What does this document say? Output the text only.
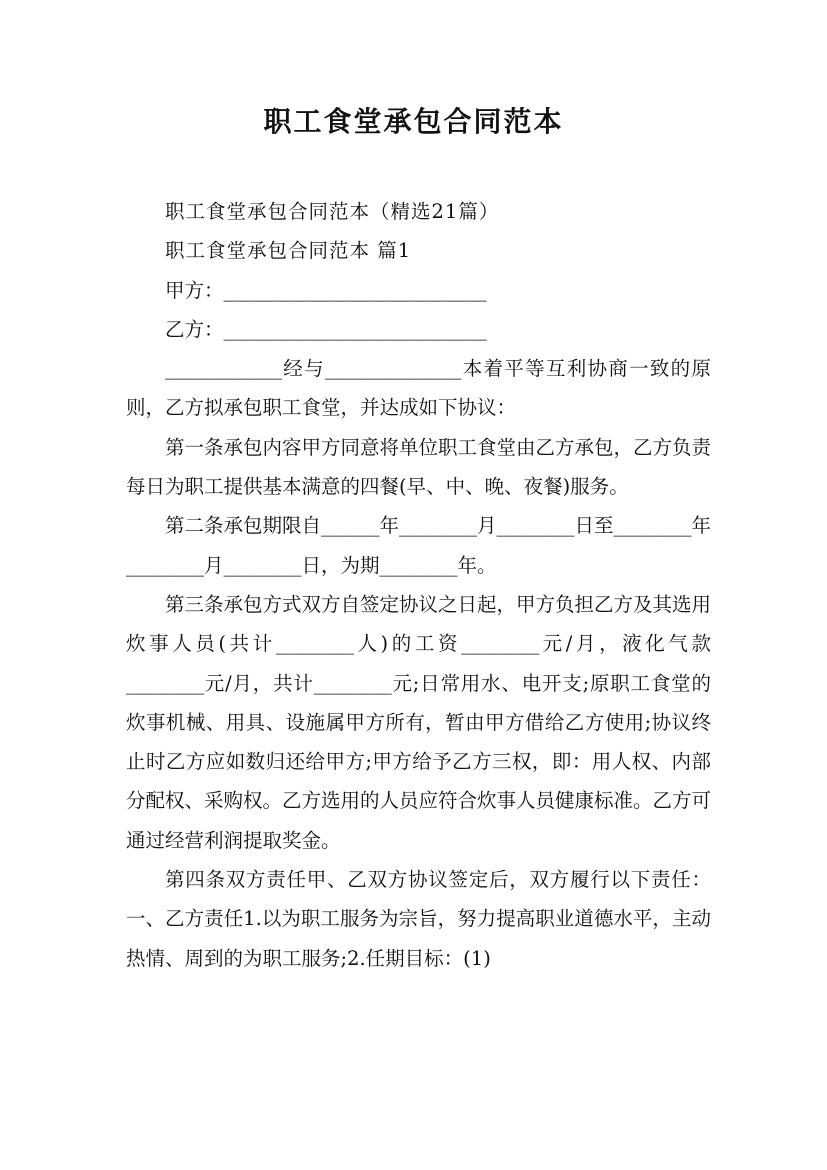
职工食堂承包合同范本

职工食堂承包合同范本（精选21篇）

职工食堂承包合同范本 篇1

甲方：___________________________

乙方：___________________________

____________经与______________本着平等互利协商一致的原则，乙方拟承包职工食堂，并达成如下协议：

第一条承包内容甲方同意将单位职工食堂由乙方承包，乙方负责每日为职工提供基本满意的四餐(早、中、晚、夜餐)服务。

第二条承包期限自______年________月________日至________年________月________日，为期________年。

第三条承包方式双方自签定协议之日起，甲方负担乙方及其选用炊事人员(共计________人)的工资________元/月，液化气款________元/月，共计________元;日常用水、电开支;原职工食堂的炊事机械、用具、设施属甲方所有，暂由甲方借给乙方使用;协议终止时乙方应如数归还给甲方;甲方给予乙方三权，即：用人权、内部分配权、采购权。乙方选用的人员应符合炊事人员健康标准。乙方可通过经营利润提取奖金。

第四条双方责任甲、乙双方协议签定后，双方履行以下责任：一、乙方责任1.以为职工服务为宗旨，努力提高职业道德水平，主动热情、周到的为职工服务;2.任期目标：(1)
